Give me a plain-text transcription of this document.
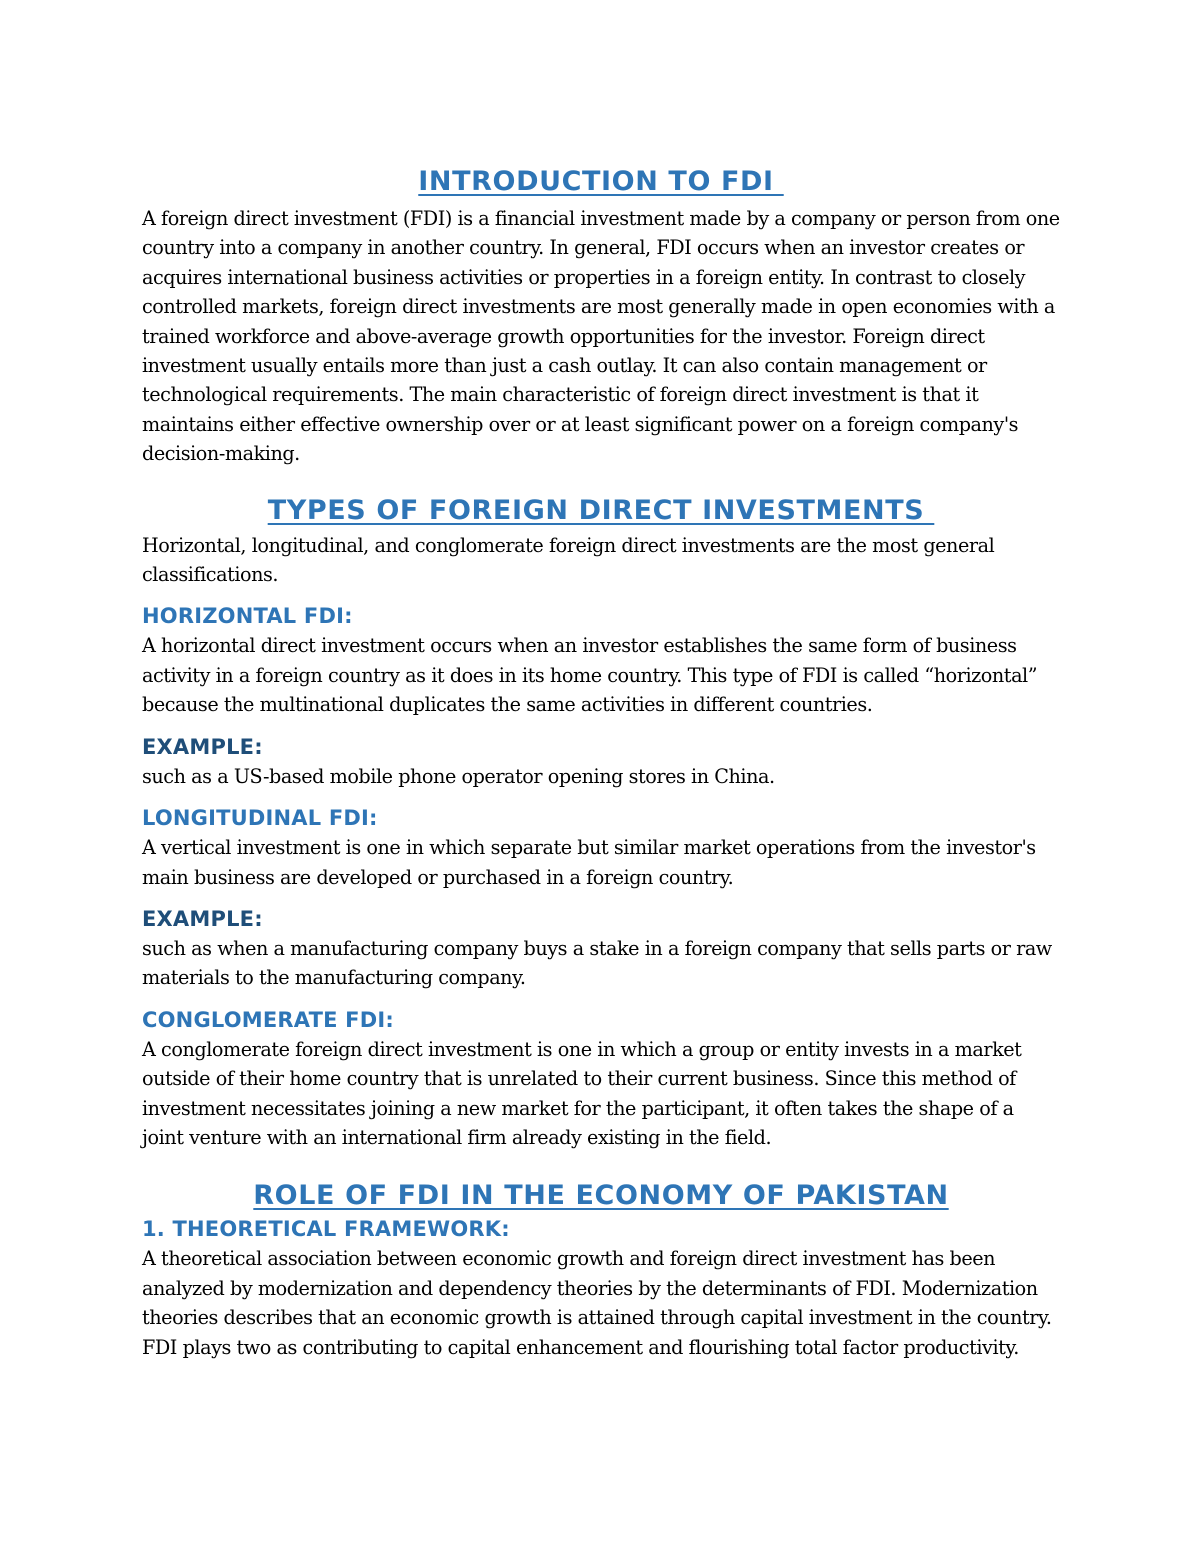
INTRODUCTION TO FDI

A foreign direct investment (FDI) is a financial investment made by a company or person from one country into a company in another country. In general, FDI occurs when an investor creates or acquires international business activities or properties in a foreign entity. In contrast to closely controlled markets, foreign direct investments are most generally made in open economies with a trained workforce and above-average growth opportunities for the investor. Foreign direct investment usually entails more than just a cash outlay. It can also contain management or technological requirements. The main characteristic of foreign direct investment is that it maintains either effective ownership over or at least significant power on a foreign company's decision-making.

TYPES OF FOREIGN DIRECT INVESTMENTS

Horizontal, longitudinal, and conglomerate foreign direct investments are the most general classifications.

HORIZONTAL FDI:

A horizontal direct investment occurs when an investor establishes the same form of business activity in a foreign country as it does in its home country. This type of FDI is called “horizontal” because the multinational duplicates the same activities in different countries.

EXAMPLE:

such as a US-based mobile phone operator opening stores in China.

LONGITUDINAL FDI:

A vertical investment is one in which separate but similar market operations from the investor's main business are developed or purchased in a foreign country.

EXAMPLE:

such as when a manufacturing company buys a stake in a foreign company that sells parts or raw materials to the manufacturing company.

CONGLOMERATE FDI:

A conglomerate foreign direct investment is one in which a group or entity invests in a market outside of their home country that is unrelated to their current business. Since this method of investment necessitates joining a new market for the participant, it often takes the shape of a joint venture with an international firm already existing in the field.

ROLE OF FDI IN THE ECONOMY OF PAKISTAN
1. THEORETICAL FRAMEWORK:

A theoretical association between economic growth and foreign direct investment has been analyzed by modernization and dependency theories by the determinants of FDI. Modernization theories describes that an economic growth is attained through capital investment in the country. FDI plays two as contributing to capital enhancement and flourishing total factor productivity.
